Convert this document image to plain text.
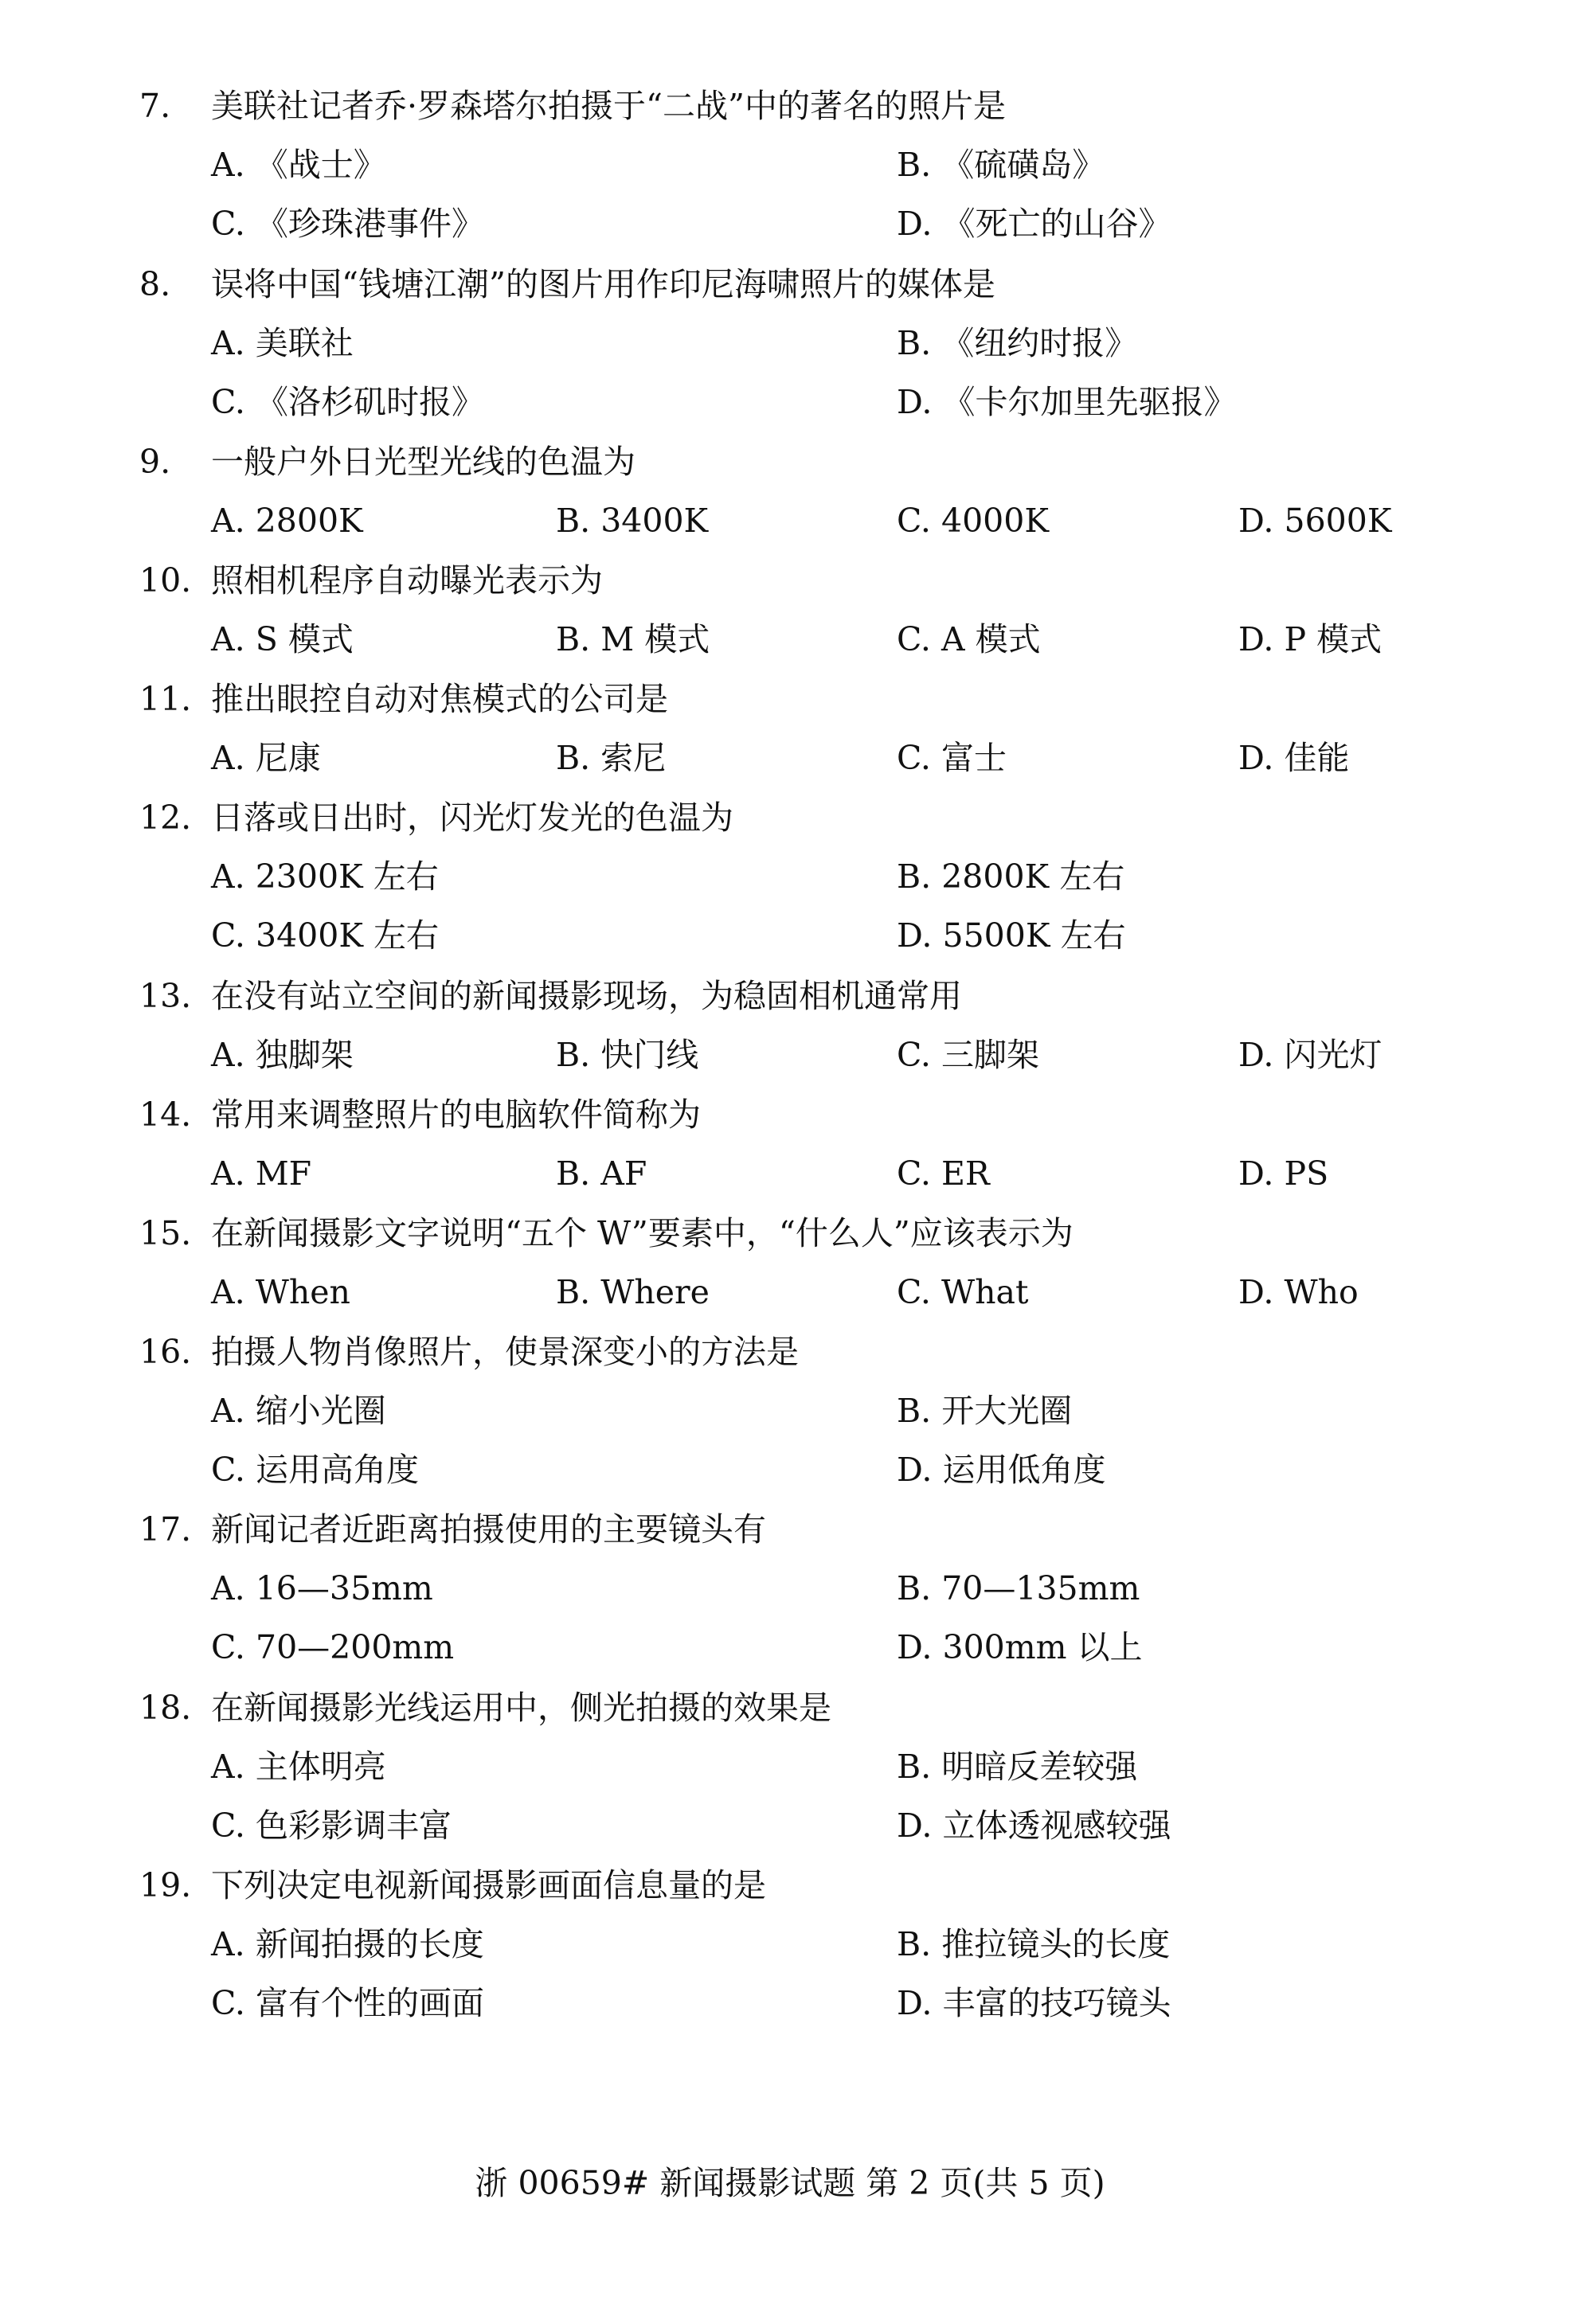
7. 美联社记者乔·罗森塔尔拍摄于“二战”中的著名的照片是
A. 《战士》	B. 《硫磺岛》
C. 《珍珠港事件》	D. 《死亡的山谷》
8. 误将中国“钱塘江潮”的图片用作印尼海啸照片的媒体是
A. 美联社	B. 《纽约时报》
C. 《洛杉矶时报》	D. 《卡尔加里先驱报》
9. 一般户外日光型光线的色温为
A. 2800K	B. 3400K	C. 4000K	D. 5600K
10. 照相机程序自动曝光表示为
A. S 模式	B. M 模式	C. A 模式	D. P 模式
11. 推出眼控自动对焦模式的公司是
A. 尼康	B. 索尼	C. 富士	D. 佳能
12. 日落或日出时，闪光灯发光的色温为
A. 2300K 左右	B. 2800K 左右
C. 3400K 左右	D. 5500K 左右
13. 在没有站立空间的新闻摄影现场，为稳固相机通常用
A. 独脚架	B. 快门线	C. 三脚架	D. 闪光灯
14. 常用来调整照片的电脑软件简称为
A. MF	B. AF	C. ER	D. PS
15. 在新闻摄影文字说明“五个 W”要素中，“什么人”应该表示为
A. When	B. Where	C. What	D. Who
16. 拍摄人物肖像照片，使景深变小的方法是
A. 缩小光圈	B. 开大光圈
C. 运用高角度	D. 运用低角度
17. 新闻记者近距离拍摄使用的主要镜头有
A. 16—35mm	B. 70—135mm
C. 70—200mm	D. 300mm 以上
18. 在新闻摄影光线运用中，侧光拍摄的效果是
A. 主体明亮	B. 明暗反差较强
C. 色彩影调丰富	D. 立体透视感较强
19. 下列决定电视新闻摄影画面信息量的是
A. 新闻拍摄的长度	B. 推拉镜头的长度
C. 富有个性的画面	D. 丰富的技巧镜头
浙 00659# 新闻摄影试题 第 2 页(共 5 页)
